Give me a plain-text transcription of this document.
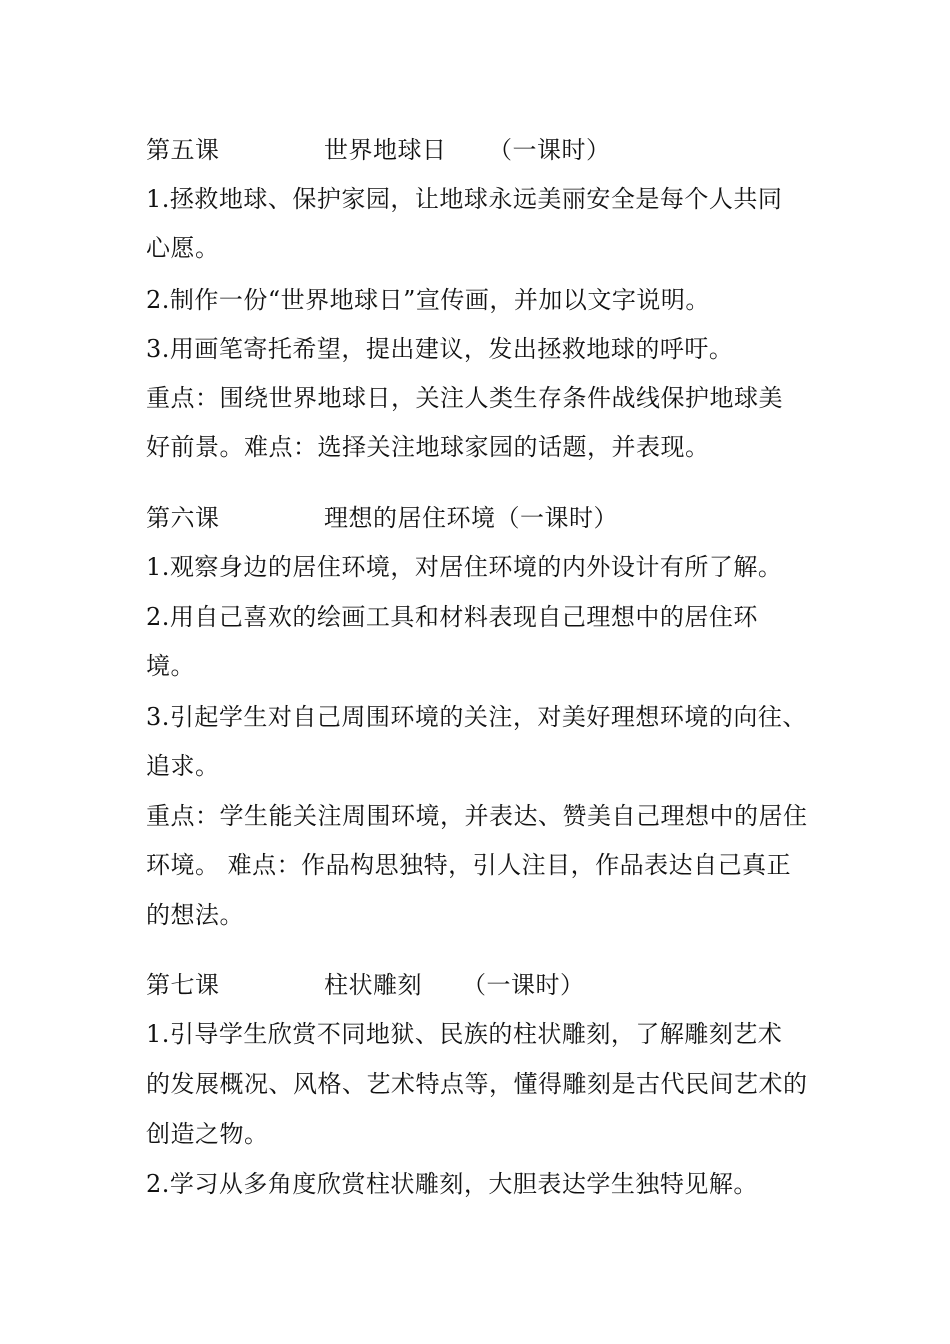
第五课	世界地球日 （一课时）
1.拯救地球、保护家园，让地球永远美丽安全是每个人共同
心愿。
2.制作一份“世界地球日”宣传画，并加以文字说明。
3.用画笔寄托希望，提出建议，发出拯救地球的呼吁。
重点：围绕世界地球日，关注人类生存条件战线保护地球美
好前景。难点：选择关注地球家园的话题，并表现。
第六课	理想的居住环境（一课时）
1.观察身边的居住环境，对居住环境的内外设计有所了解。
2.用自己喜欢的绘画工具和材料表现自己理想中的居住环
境。
3.引起学生对自己周围环境的关注，对美好理想环境的向往、
追求。
重点：学生能关注周围环境，并表达、赞美自己理想中的居住
环境。 难点：作品构思独特，引人注目，作品表达自己真正
的想法。
第七课	柱状雕刻 （一课时）
1.引导学生欣赏不同地狱、民族的柱状雕刻，了解雕刻艺术
的发展概况、风格、艺术特点等，懂得雕刻是古代民间艺术的
创造之物。
2.学习从多角度欣赏柱状雕刻，大胆表达学生独特见解。
